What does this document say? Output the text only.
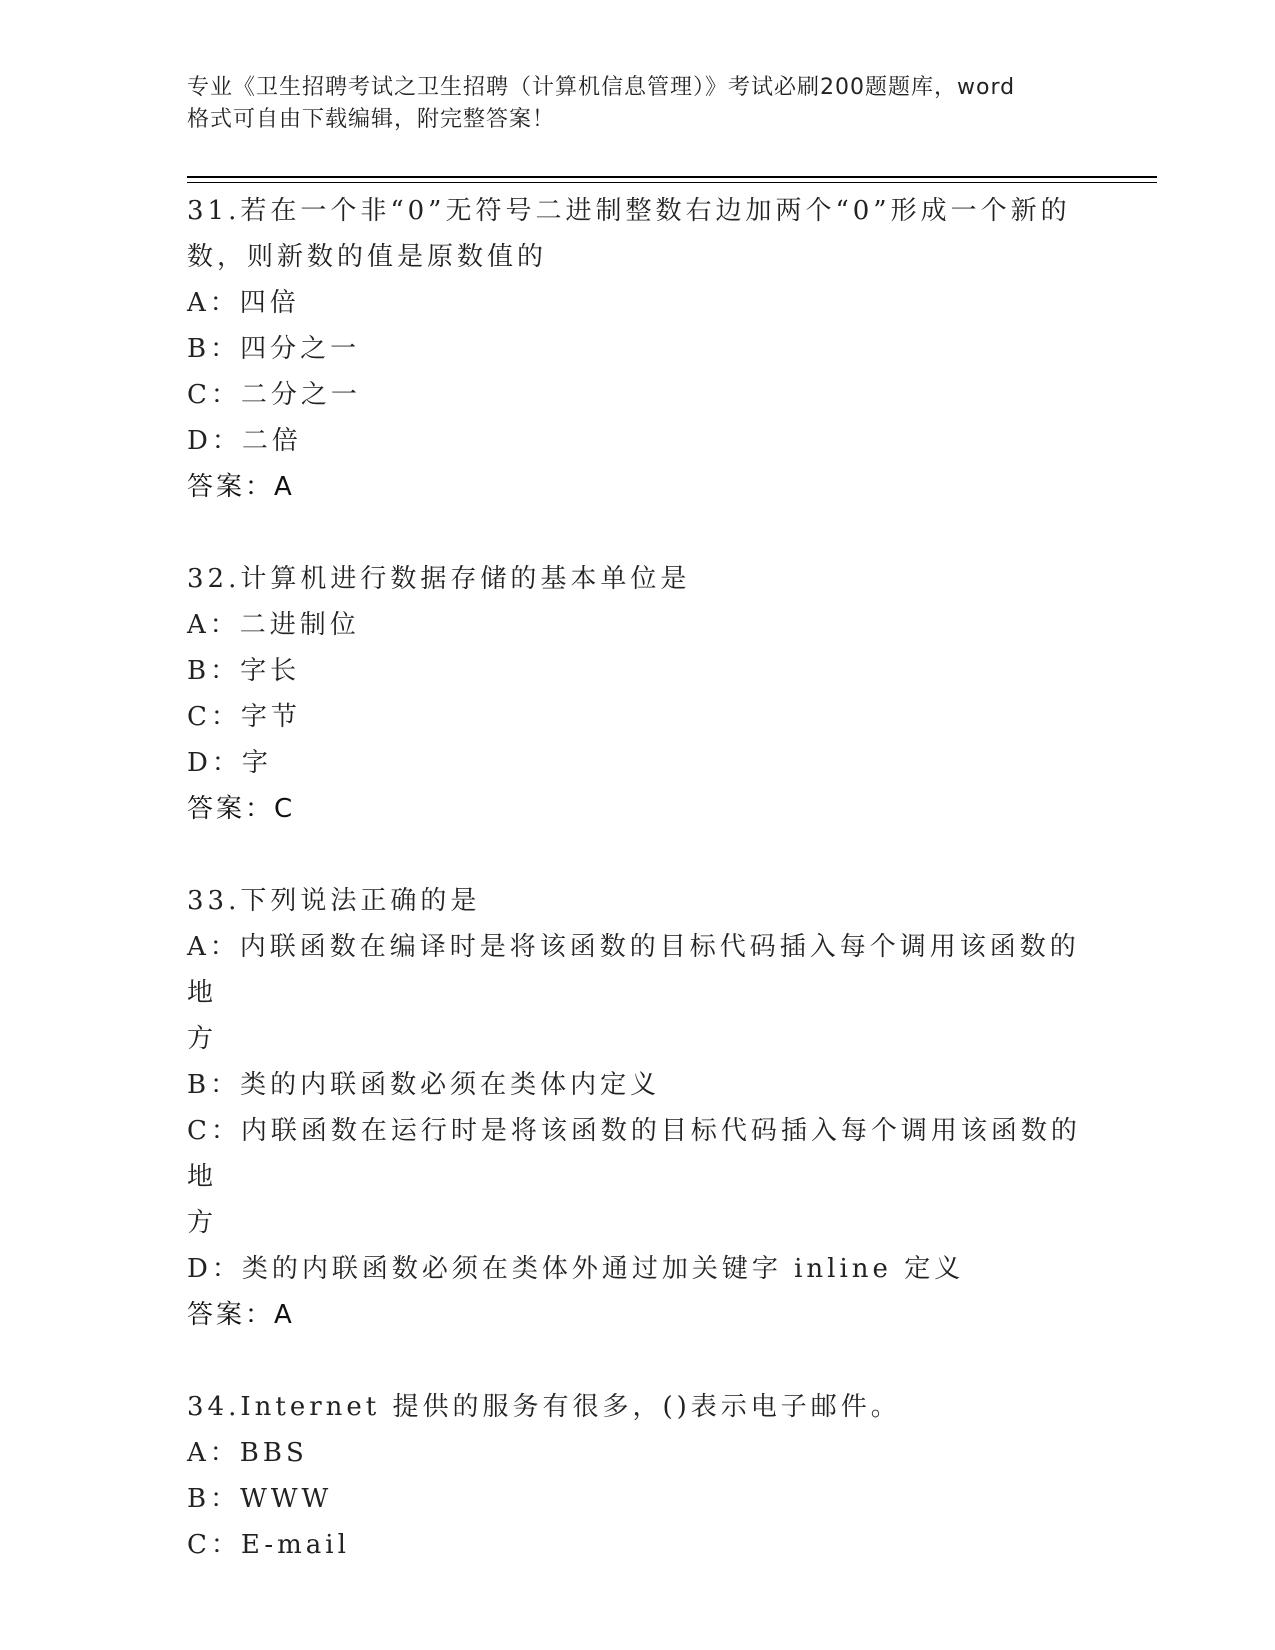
专业《卫生招聘考试之卫生招聘（计算机信息管理）》考试必刷200题题库，word
格式可自由下载编辑，附完整答案！
31.若在一个非“0”无符号二进制整数右边加两个“0”形成一个新的
数，则新数的值是原数值的
A：四倍
B：四分之一
C：二分之一
D：二倍
答案：A
32.计算机进行数据存储的基本单位是
A：二进制位
B：字长
C：字节
D：字
答案：C
33.下列说法正确的是
A：内联函数在编译时是将该函数的目标代码插入每个调用该函数的地
方
B：类的内联函数必须在类体内定义
C：内联函数在运行时是将该函数的目标代码插入每个调用该函数的地
方
D：类的内联函数必须在类体外通过加关键字 inline 定义
答案：A
34.Internet 提供的服务有很多，()表示电子邮件。
A：BBS
B：WWW
C：E-mail
